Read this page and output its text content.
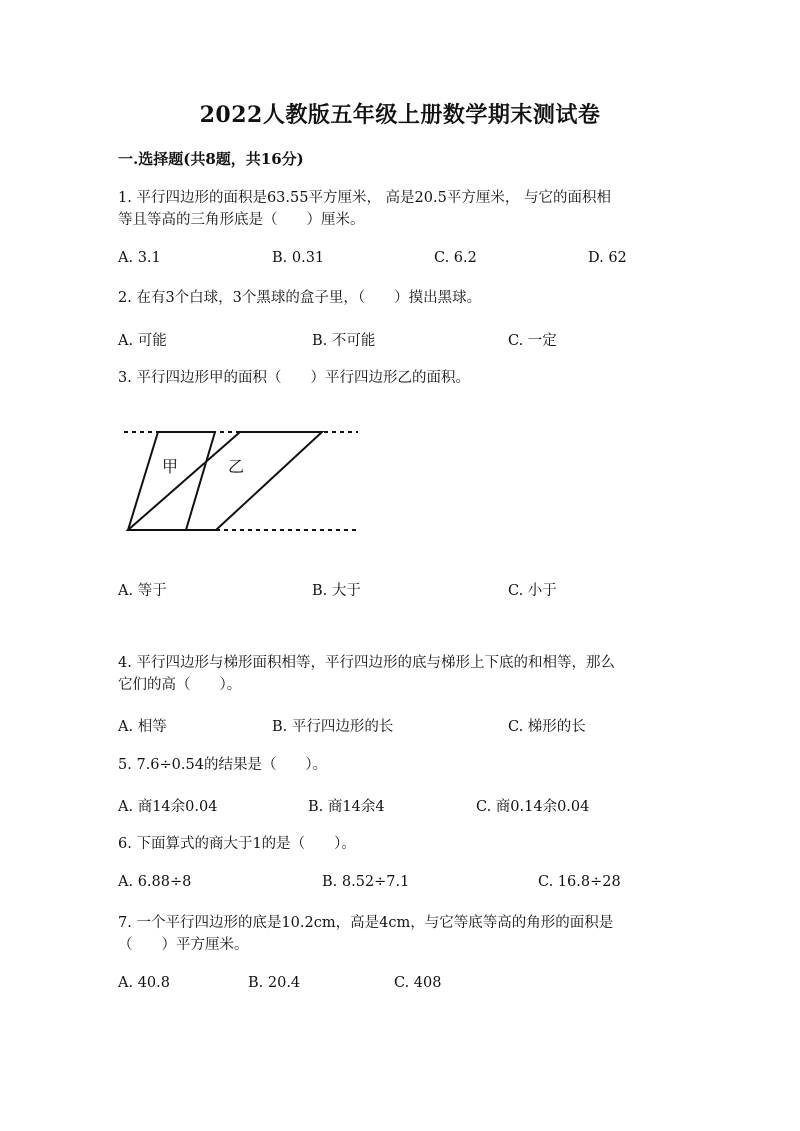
2022人教版五年级上册数学期末测试卷
一.选择题(共8题，共16分)
1. 平行四边形的面积是63.55平方厘米， 高是20.5平方厘米， 与它的面积相
等且等高的三角形底是（　　）厘米。
A. 3.1	B. 0.31	C. 6.2	D. 62
2. 在有3个白球，3个黑球的盒子里，（　　）摸出黑球。
A. 可能	B. 不可能	C. 一定
3. 平行四边形甲的面积（　　）平行四边形乙的面积。
甲	乙
A. 等于	B. 大于	C. 小于
4. 平行四边形与梯形面积相等，平行四边形的底与梯形上下底的和相等，那么
它们的高（　　）。
A. 相等	B. 平行四边形的长	C. 梯形的长
5. 7.6÷0.54的结果是（　　）。
A. 商14余0.04	B. 商14余4	C. 商0.14余0.04
6. 下面算式的商大于1的是（　　）。
A. 6.88÷8	B. 8.52÷7.1	C. 16.8÷28
7. 一个平行四边形的底是10.2cm，高是4cm，与它等底等高的角形的面积是
（　　）平方厘米。
A. 40.8	B. 20.4	C. 408
